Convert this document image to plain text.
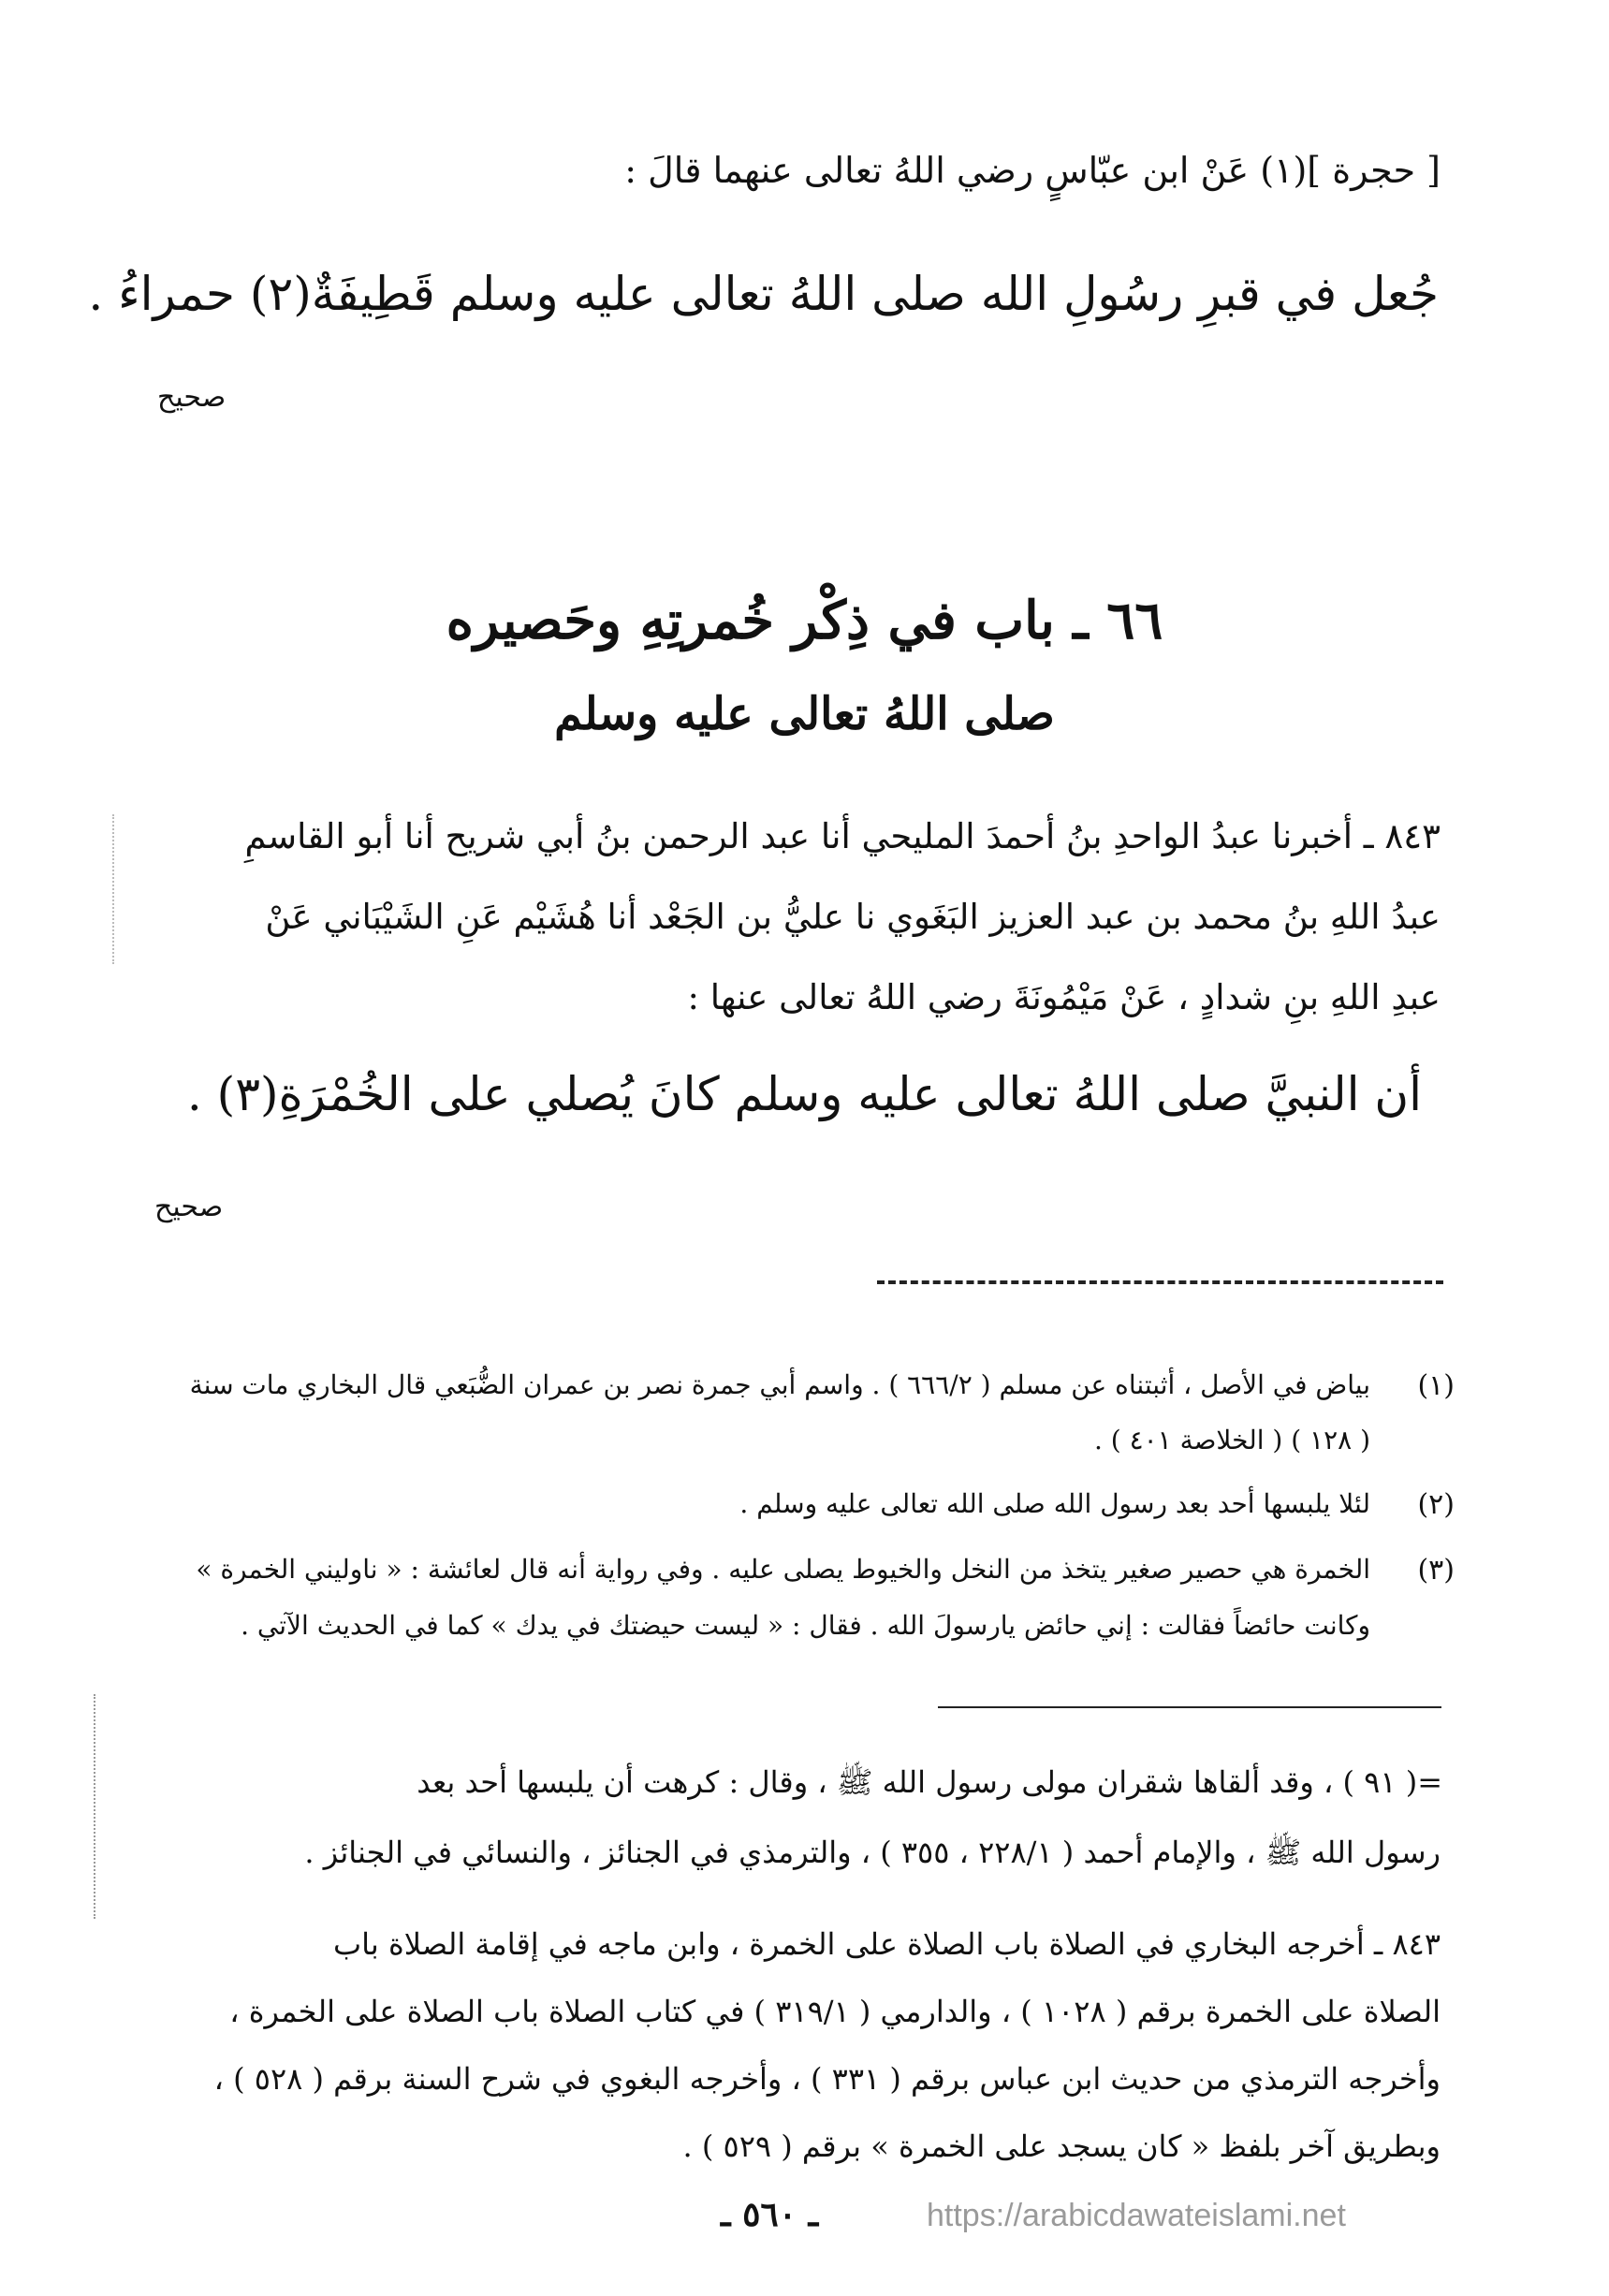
[ حجرة ](١) عَنْ ابن عبّاسٍ رضي اللهُ تعالى عنهما قالَ :
جُعل في قبرِ رسُولِ الله صلى اللهُ تعالى عليه وسلم قَطِيفَةٌ(٢) حمراءُ .
صحيح
٦٦ ـ باب في ذِكْر خُمرتِهِ وحَصيره
صلى اللهُ تعالى عليه وسلم
٨٤٣ ـ أخبرنا عبدُ الواحدِ بنُ أحمدَ المليحي أنا عبد الرحمن بنُ أبي شريح أنا أبو القاسمِ
عبدُ اللهِ بنُ محمد بن عبد العزيز البَغَوي نا عليُّ بن الجَعْد أنا هُشَيْم عَنِ الشَيْبَاني عَنْ
عبدِ اللهِ بنِ شدادٍ ، عَنْ مَيْمُونَةَ رضي اللهُ تعالى عنها :
أن النبيَّ صلى اللهُ تعالى عليه وسلم كانَ يُصلي على الخُمْرَةِ(٣) .
صحيح
(١)
بياض في الأصل ، أثبتناه عن مسلم ( ٦٦٦/٢ ) . واسم أبي جمرة نصر بن عمران الضُّبَعي قال البخاري مات سنة
( ١٢٨ ) ( الخلاصة ٤٠١ ) .
(٢)
لئلا يلبسها أحد بعد رسول الله صلى الله تعالى عليه وسلم .
(٣)
الخمرة هي حصير صغير يتخذ من النخل والخيوط يصلى عليه . وفي رواية أنه قال لعائشة : « ناوليني الخمرة »
وكانت حائضاً فقالت : إني حائض يارسولَ الله . فقال : « ليست حيضتك في يدك » كما في الحديث الآتي .
=( ٩١ ) ، وقد ألقاها شقران مولى رسول الله ﷺ ، وقال : كرهت أن يلبسها أحد بعد
رسول الله ﷺ ، والإمام أحمد ( ٢٢٨/١ ، ٣٥٥ ) ، والترمذي في الجنائز ، والنسائي في الجنائز .
٨٤٣ ـ أخرجه البخاري في الصلاة باب الصلاة على الخمرة ، وابن ماجه في إقامة الصلاة باب
الصلاة على الخمرة برقم ( ١٠٢٨ ) ، والدارمي ( ٣١٩/١ ) في كتاب الصلاة باب الصلاة على الخمرة ،
وأخرجه الترمذي من حديث ابن عباس برقم ( ٣٣١ ) ، وأخرجه البغوي في شرح السنة برقم ( ٥٢٨ ) ،
وبطريق آخر بلفظ « كان يسجد على الخمرة » برقم ( ٥٢٩ ) .
ـ ٥٦٠ ـ	https://arabicdawateislami.net
